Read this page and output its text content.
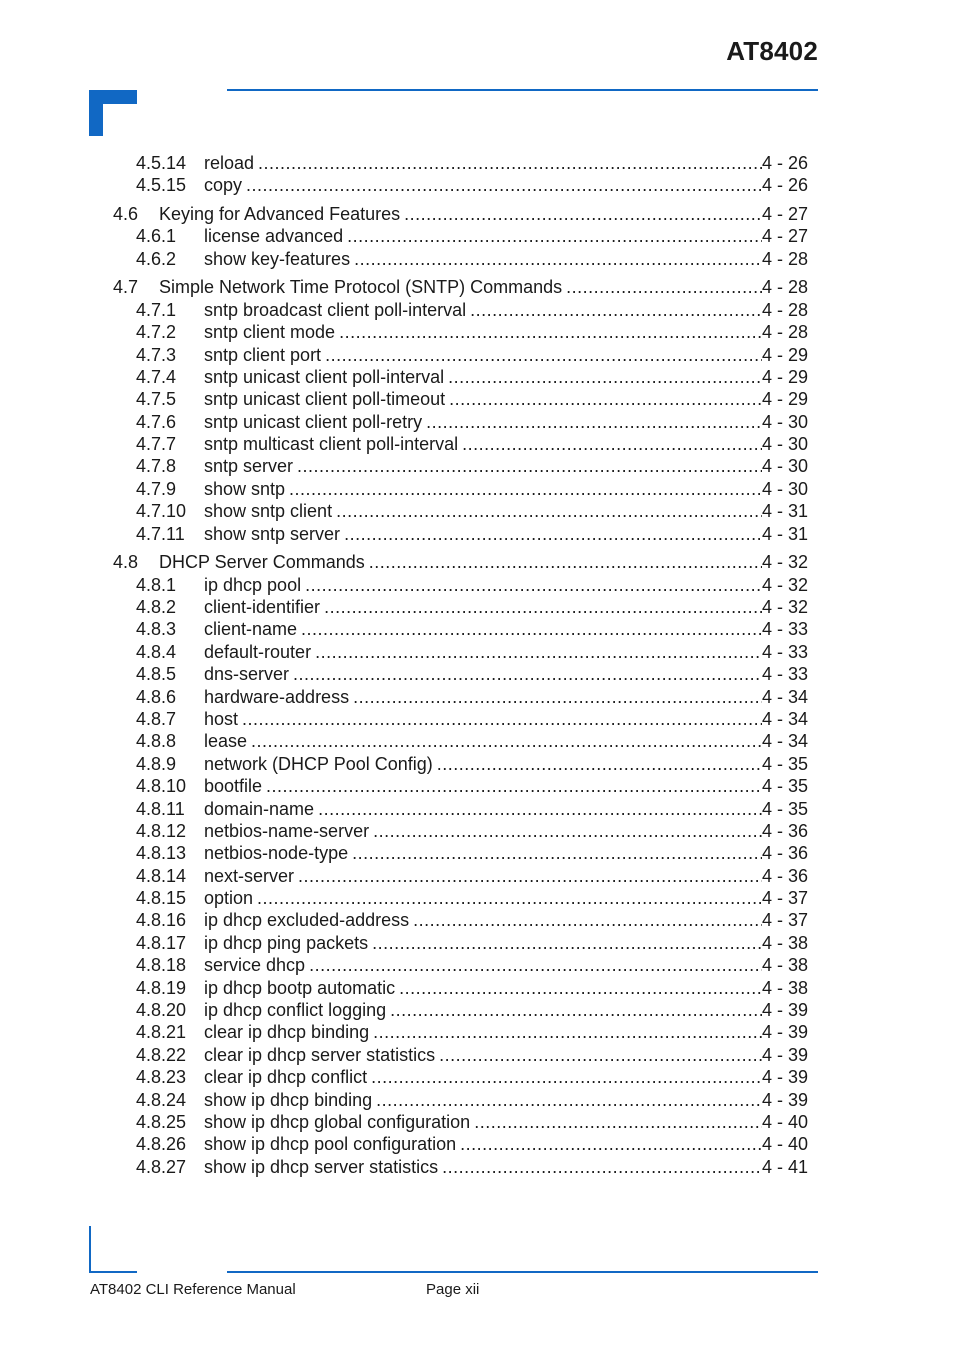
AT8402
4.5.14 reload .....	4 - 26
4.5.15 copy .....	4 - 26
4.6 Keying for Advanced Features .....	4 - 27
4.6.1 license advanced .....	4 - 27
4.6.2 show key-features .....	4 - 28
4.7 Simple Network Time Protocol (SNTP) Commands .....	4 - 28
4.7.1 sntp broadcast client poll-interval .....	4 - 28
4.7.2 sntp client mode .....	4 - 28
4.7.3 sntp client port .....	4 - 29
4.7.4 sntp unicast client poll-interval .....	4 - 29
4.7.5 sntp unicast client poll-timeout .....	4 - 29
4.7.6 sntp unicast client poll-retry .....	4 - 30
4.7.7 sntp multicast client poll-interval .....	4 - 30
4.7.8 sntp server .....	4 - 30
4.7.9 show sntp .....	4 - 30
4.7.10 show sntp client .....	4 - 31
4.7.11 show sntp server .....	4 - 31
4.8 DHCP Server Commands .....	4 - 32
4.8.1 ip dhcp pool .....	4 - 32
4.8.2 client-identifier .....	4 - 32
4.8.3 client-name .....	4 - 33
4.8.4 default-router .....	4 - 33
4.8.5 dns-server .....	4 - 33
4.8.6 hardware-address .....	4 - 34
4.8.7 host .....	4 - 34
4.8.8 lease .....	4 - 34
4.8.9 network (DHCP Pool Config) .....	4 - 35
4.8.10 bootfile .....	4 - 35
4.8.11 domain-name .....	4 - 35
4.8.12 netbios-name-server .....	4 - 36
4.8.13 netbios-node-type .....	4 - 36
4.8.14 next-server .....	4 - 36
4.8.15 option .....	4 - 37
4.8.16 ip dhcp excluded-address .....	4 - 37
4.8.17 ip dhcp ping packets .....	4 - 38
4.8.18 service dhcp .....	4 - 38
4.8.19 ip dhcp bootp automatic .....	4 - 38
4.8.20 ip dhcp conflict logging .....	4 - 39
4.8.21 clear ip dhcp binding .....	4 - 39
4.8.22 clear ip dhcp server statistics .....	4 - 39
4.8.23 clear ip dhcp conflict .....	4 - 39
4.8.24 show ip dhcp binding .....	4 - 39
4.8.25 show ip dhcp global configuration .....	4 - 40
4.8.26 show ip dhcp pool configuration .....	4 - 40
4.8.27 show ip dhcp server statistics .....	4 - 41
AT8402 CLI Reference Manual	Page xii
